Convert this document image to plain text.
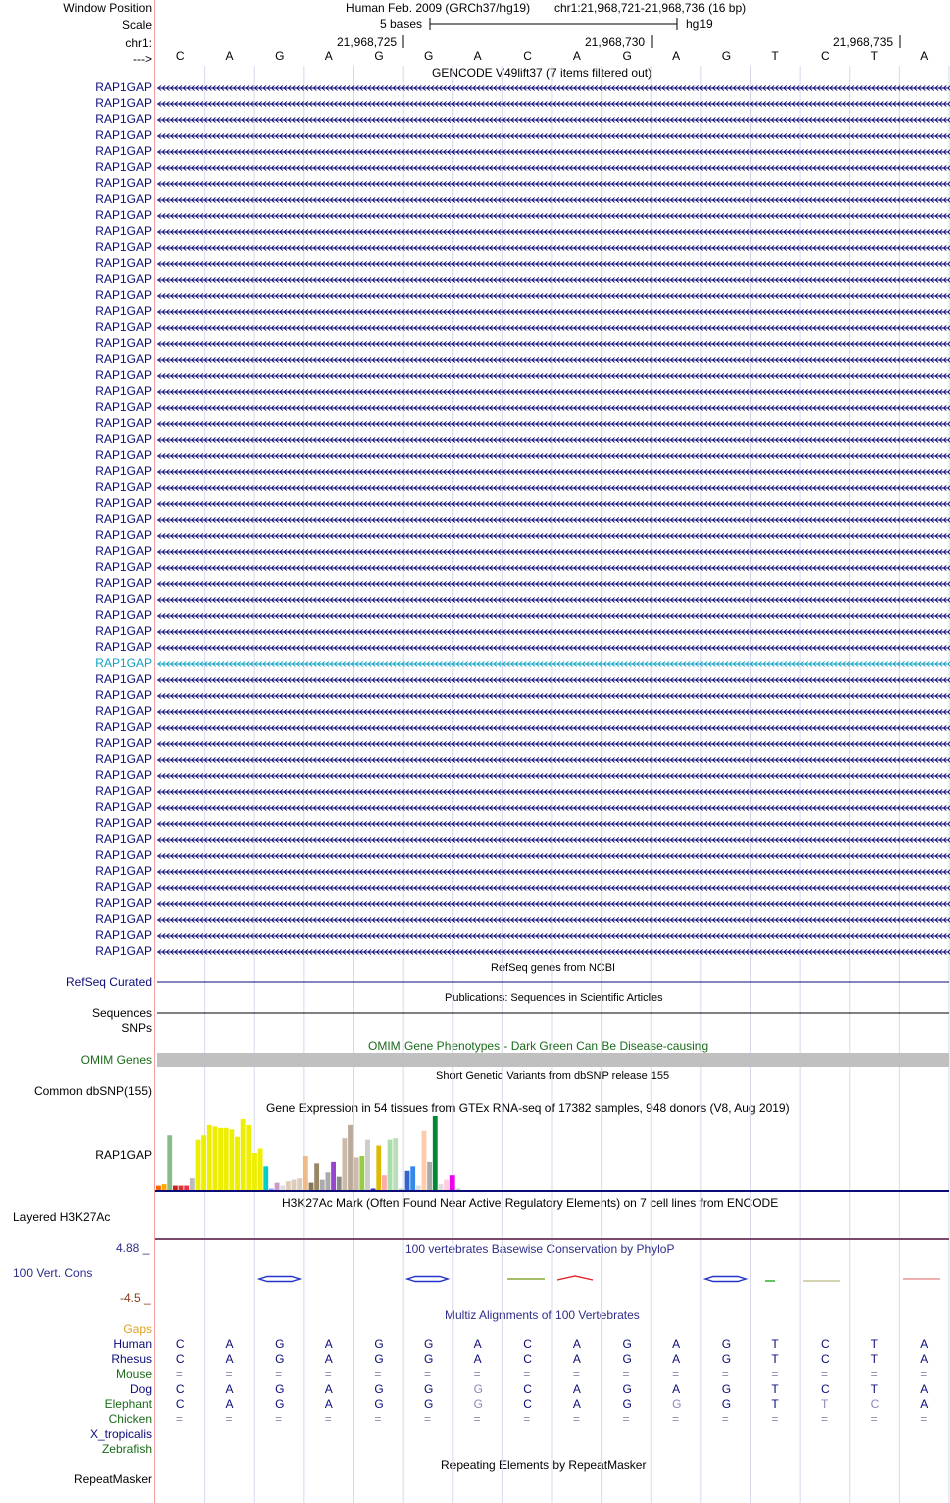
Window Position	Human Feb. 2009 (GRCh37/hg19) chr1:21,968,721-21,968,736 (16 bp)
Scale	5 bases	hg19
chr1:	21,968,725	21,968,730	21,968,735
---> C	A	G	A	G	G	A	C	A	G	A	G	T	C	T	A
GENCODE V49lift37 (7 items filtered out)
RAP1GAP
RAP1GAP
RAP1GAP
RAP1GAP
RAP1GAP
RAP1GAP
RAP1GAP
RAP1GAP
RAP1GAP
RAP1GAP
RAP1GAP
RAP1GAP
RAP1GAP
RAP1GAP
RAP1GAP
RAP1GAP
RAP1GAP
RAP1GAP
RAP1GAP
RAP1GAP
RAP1GAP
RAP1GAP
RAP1GAP
RAP1GAP
RAP1GAP
RAP1GAP
RAP1GAP
RAP1GAP
RAP1GAP
RAP1GAP
RAP1GAP
RAP1GAP
RAP1GAP
RAP1GAP
RAP1GAP
RAP1GAP
RAP1GAP
RAP1GAP
RAP1GAP
RAP1GAP
RAP1GAP
RAP1GAP
RAP1GAP
RAP1GAP
RAP1GAP
RAP1GAP
RAP1GAP
RAP1GAP
RAP1GAP
RAP1GAP
RAP1GAP
RAP1GAP
RAP1GAP
RAP1GAP
RAP1GAP
RefSeq genes from NCBI
RefSeq Curated
Publications: Sequences in Scientific Articles
Sequences
SNPs
OMIM Gene Phenotypes - Dark Green Can Be Disease-causing
OMIM Genes
Short Genetic Variants from dbSNP release 155
Common dbSNP(155)
Gene Expression in 54 tissues from GTEx RNA-seq of 17382 samples, 948 donors (V8, Aug 2019)
RAP1GAP
H3K27Ac Mark (Often Found Near Active Regulatory Elements) on 7 cell lines from ENCODE
Layered H3K27Ac
100 vertebrates Basewise Conservation by PhyloP
4.88 _
100 Vert. Cons
-4.5 _
Multiz Alignments of 100 Vertebrates
Gaps
Human C	A	G	A	G	G	A	C	A	G	A	G	T	C	T	A
Rhesus C	A	G	A	G	G	A	C	A	G	A	G	T	C	T	A
Mouse =	=	=	=	=	=	=	=	=	=	=	=	=	=	=	=
Dog C	A	G	A	G	G	G	C	A	G	A	G	T	C	T	A
Elephant C	A	G	A	G	G	G	C	A	G	G	G	T	T	C	A
Chicken =	=	=	=	=	=	=	=	=	=	=	=	=	=	=	=
X_tropicalis
Zebrafish
Repeating Elements by RepeatMasker
RepeatMasker
